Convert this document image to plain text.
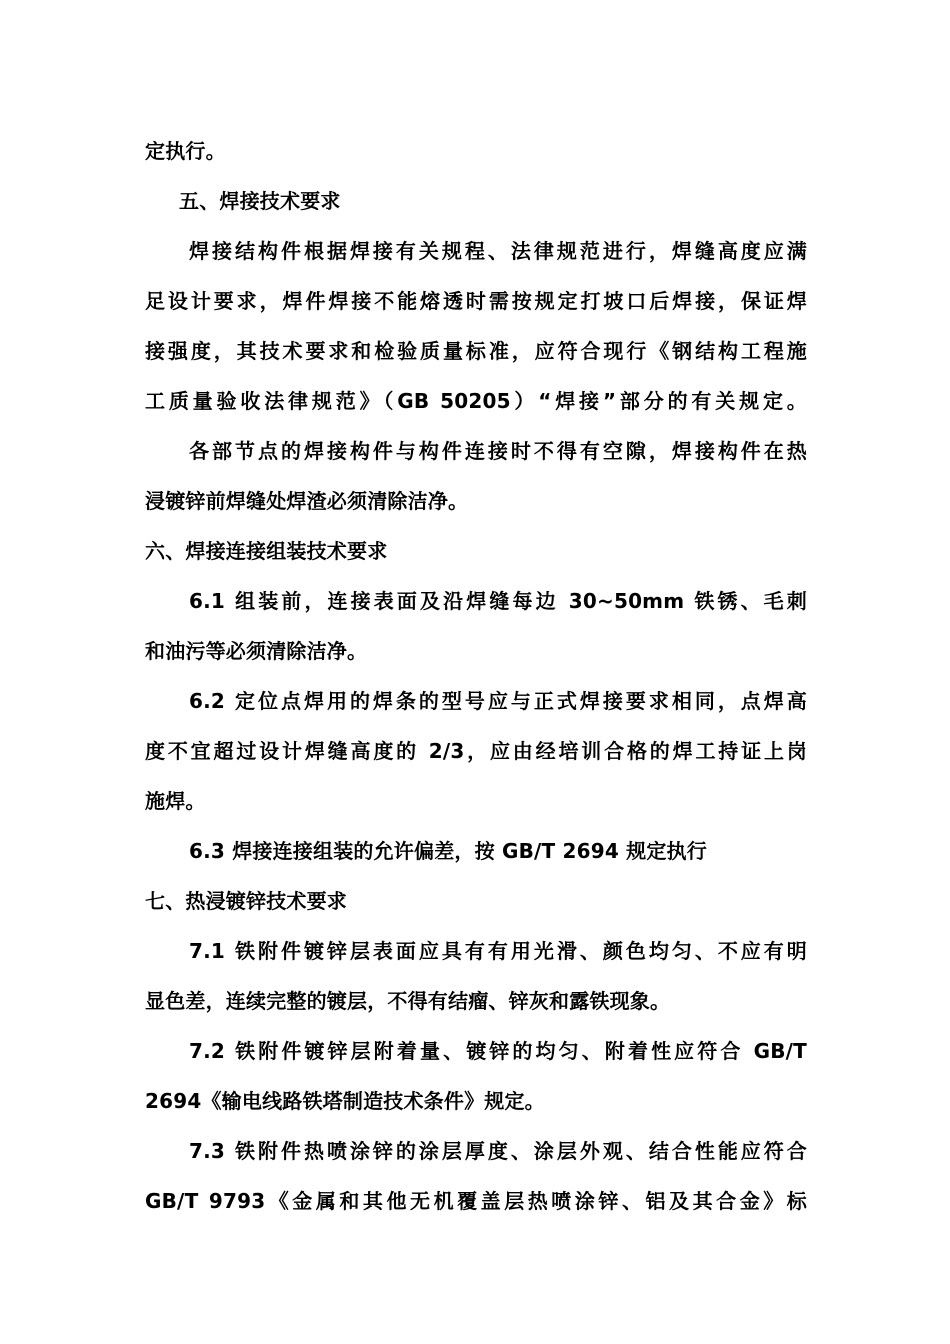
定执行。
五、焊接技术要求
焊接结构件根据焊接有关规程、法律规范进行，焊缝高度应满
足设计要求，焊件焊接不能熔透时需按规定打坡口后焊接，保证焊
接强度，其技术要求和检验质量标准，应符合现行《钢结构工程施
工质量验收法律规范》（GB 50205）“焊接”部分的有关规定。
各部节点的焊接构件与构件连接时不得有空隙，焊接构件在热
浸镀锌前焊缝处焊渣必须清除洁净。
六、焊接连接组装技术要求
6.1 组装前，连接表面及沿焊缝每边 30~50mm 铁锈、毛刺
和油污等必须清除洁净。
6.2 定位点焊用的焊条的型号应与正式焊接要求相同，点焊高
度不宜超过设计焊缝高度的 2/3，应由经培训合格的焊工持证上岗
施焊。
6.3 焊接连接组装的允许偏差，按 GB/T 2694 规定执行
七、热浸镀锌技术要求
7.1 铁附件镀锌层表面应具有有用光滑、颜色均匀、不应有明
显色差，连续完整的镀层，不得有结瘤、锌灰和露铁现象。
7.2 铁附件镀锌层附着量、镀锌的均匀、附着性应符合 GB/T
2694《输电线路铁塔制造技术条件》规定。
7.3 铁附件热喷涂锌的涂层厚度、涂层外观、结合性能应符合
GB/T 9793《金属和其他无机覆盖层热喷涂锌、铝及其合金》标
